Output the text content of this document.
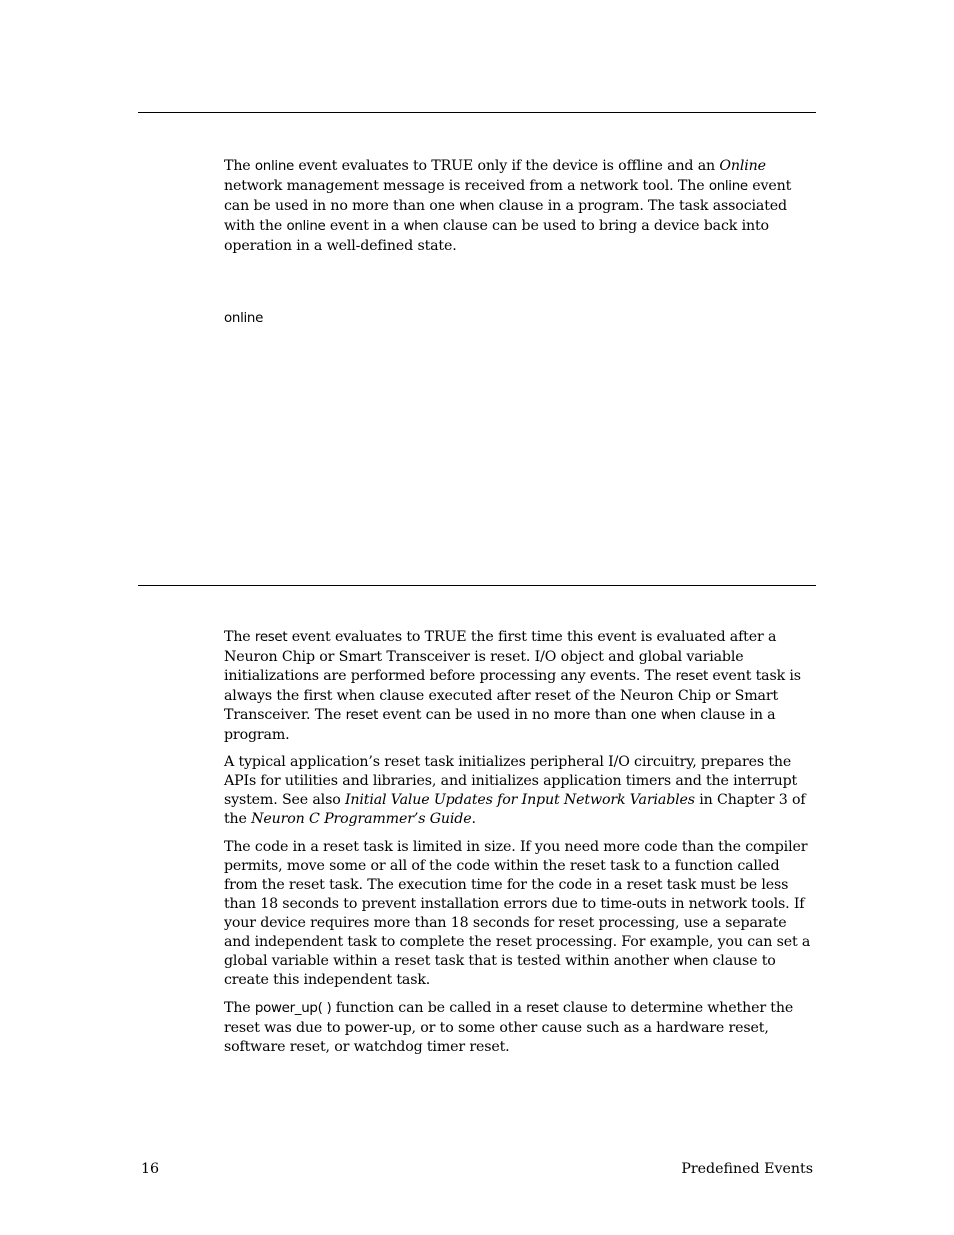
The online event evaluates to TRUE only if the device is offline and an Online network management message is received from a network tool. The online event can be used in no more than one when clause in a program. The task associated with the online event in a when clause can be used to bring a device back into operation in a well-defined state.

online

The reset event evaluates to TRUE the first time this event is evaluated after a Neuron Chip or Smart Transceiver is reset. I/O object and global variable initializations are performed before processing any events. The reset event task is always the first when clause executed after reset of the Neuron Chip or Smart Transceiver. The reset event can be used in no more than one when clause in a program.

A typical application’s reset task initializes peripheral I/O circuitry, prepares the APIs for utilities and libraries, and initializes application timers and the interrupt system. See also Initial Value Updates for Input Network Variables in Chapter 3 of the Neuron C Programmer’s Guide.

The code in a reset task is limited in size. If you need more code than the compiler permits, move some or all of the code within the reset task to a function called from the reset task. The execution time for the code in a reset task must be less than 18 seconds to prevent installation errors due to time-outs in network tools. If your device requires more than 18 seconds for reset processing, use a separate and independent task to complete the reset processing. For example, you can set a global variable within a reset task that is tested within another when clause to create this independent task.

The power_up( ) function can be called in a reset clause to determine whether the reset was due to power-up, or to some other cause such as a hardware reset, software reset, or watchdog timer reset.

16	Predefined Events
